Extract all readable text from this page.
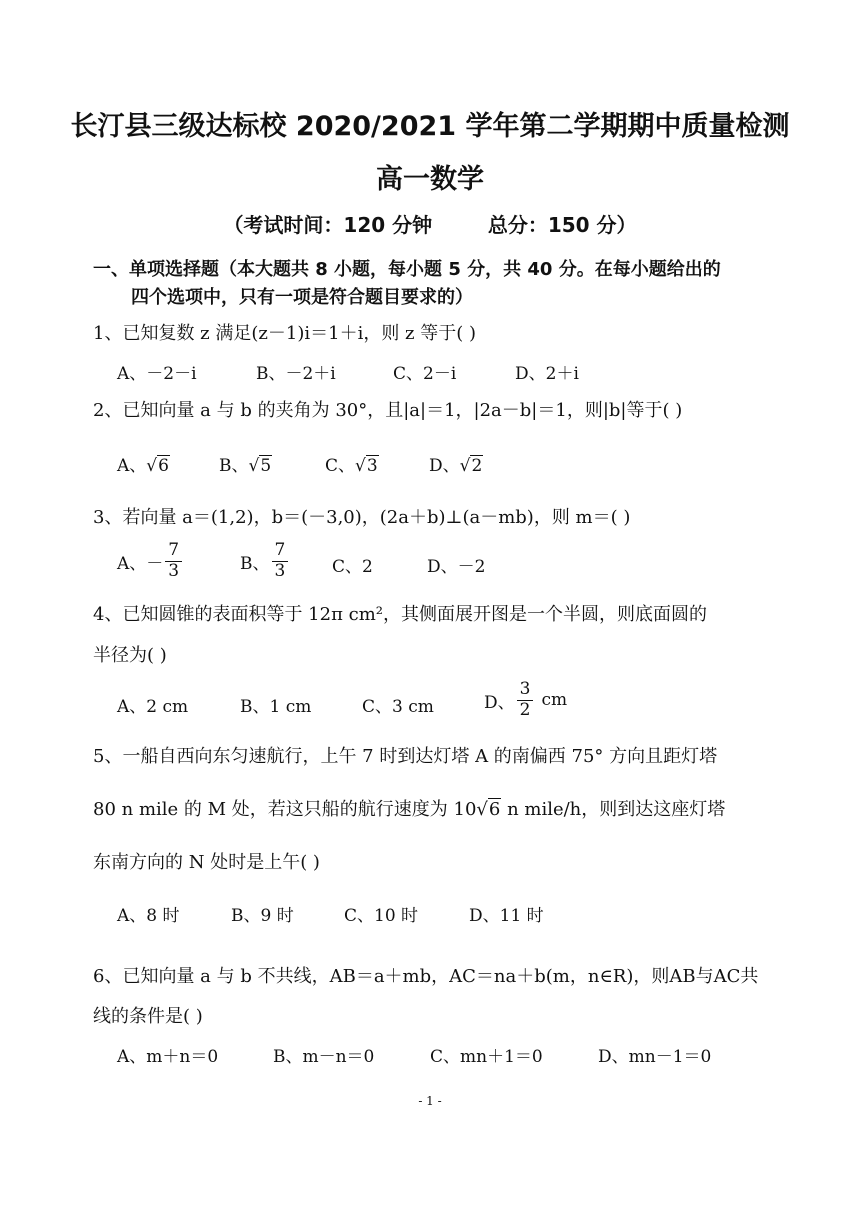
长汀县三级达标校 2020/2021 学年第二学期期中质量检测
高一数学
（考试时间：120 分钟        总分：150 分）
一、单项选择题（本大题共 8 小题，每小题 5 分，共 40 分。在每小题给出的
四个选项中，只有一项是符合题目要求的）
1、已知复数 z 满足(z－1)i＝1＋i，则 z 等于( )
A、－2－i	B、－2＋i	C、2－i	D、2＋i
2、已知向量 a 与 b 的夹角为 30°，且|a|＝1，|2a－b|＝1，则|b|等于( )
A、√6	B、√5	C、√3	D、√2
3、若向量 a＝(1,2)，b＝(－3,0)，(2a＋b)⊥(a－mb)，则 m＝( )
A、－ $\frac{7}{3}$	B、 $\frac{7}{3}$	C、2	D、－2
4、已知圆锥的表面积等于 12π cm²，其侧面展开图是一个半圆，则底面圆的
半径为( )
A、2 cm	B、1 cm	C、3 cm	D、 $\frac{3}{2}$ cm
5、一船自西向东匀速航行，上午 7 时到达灯塔 A 的南偏西 75° 方向且距灯塔
80 n mile 的 M 处，若这只船的航行速度为 10√6 n mile/h，则到达这座灯塔
东南方向的 N 处时是上午( )
A、8 时	B、9 时	C、10 时	D、11 时
6、已知向量 a 与 b 不共线，AB＝a＋mb，AC＝na＋b(m，n∈R)，则AB与AC共
线的条件是( )
A、m＋n＝0	B、m－n＝0	C、mn＋1＝0	D、mn－1＝0
- 1 -
